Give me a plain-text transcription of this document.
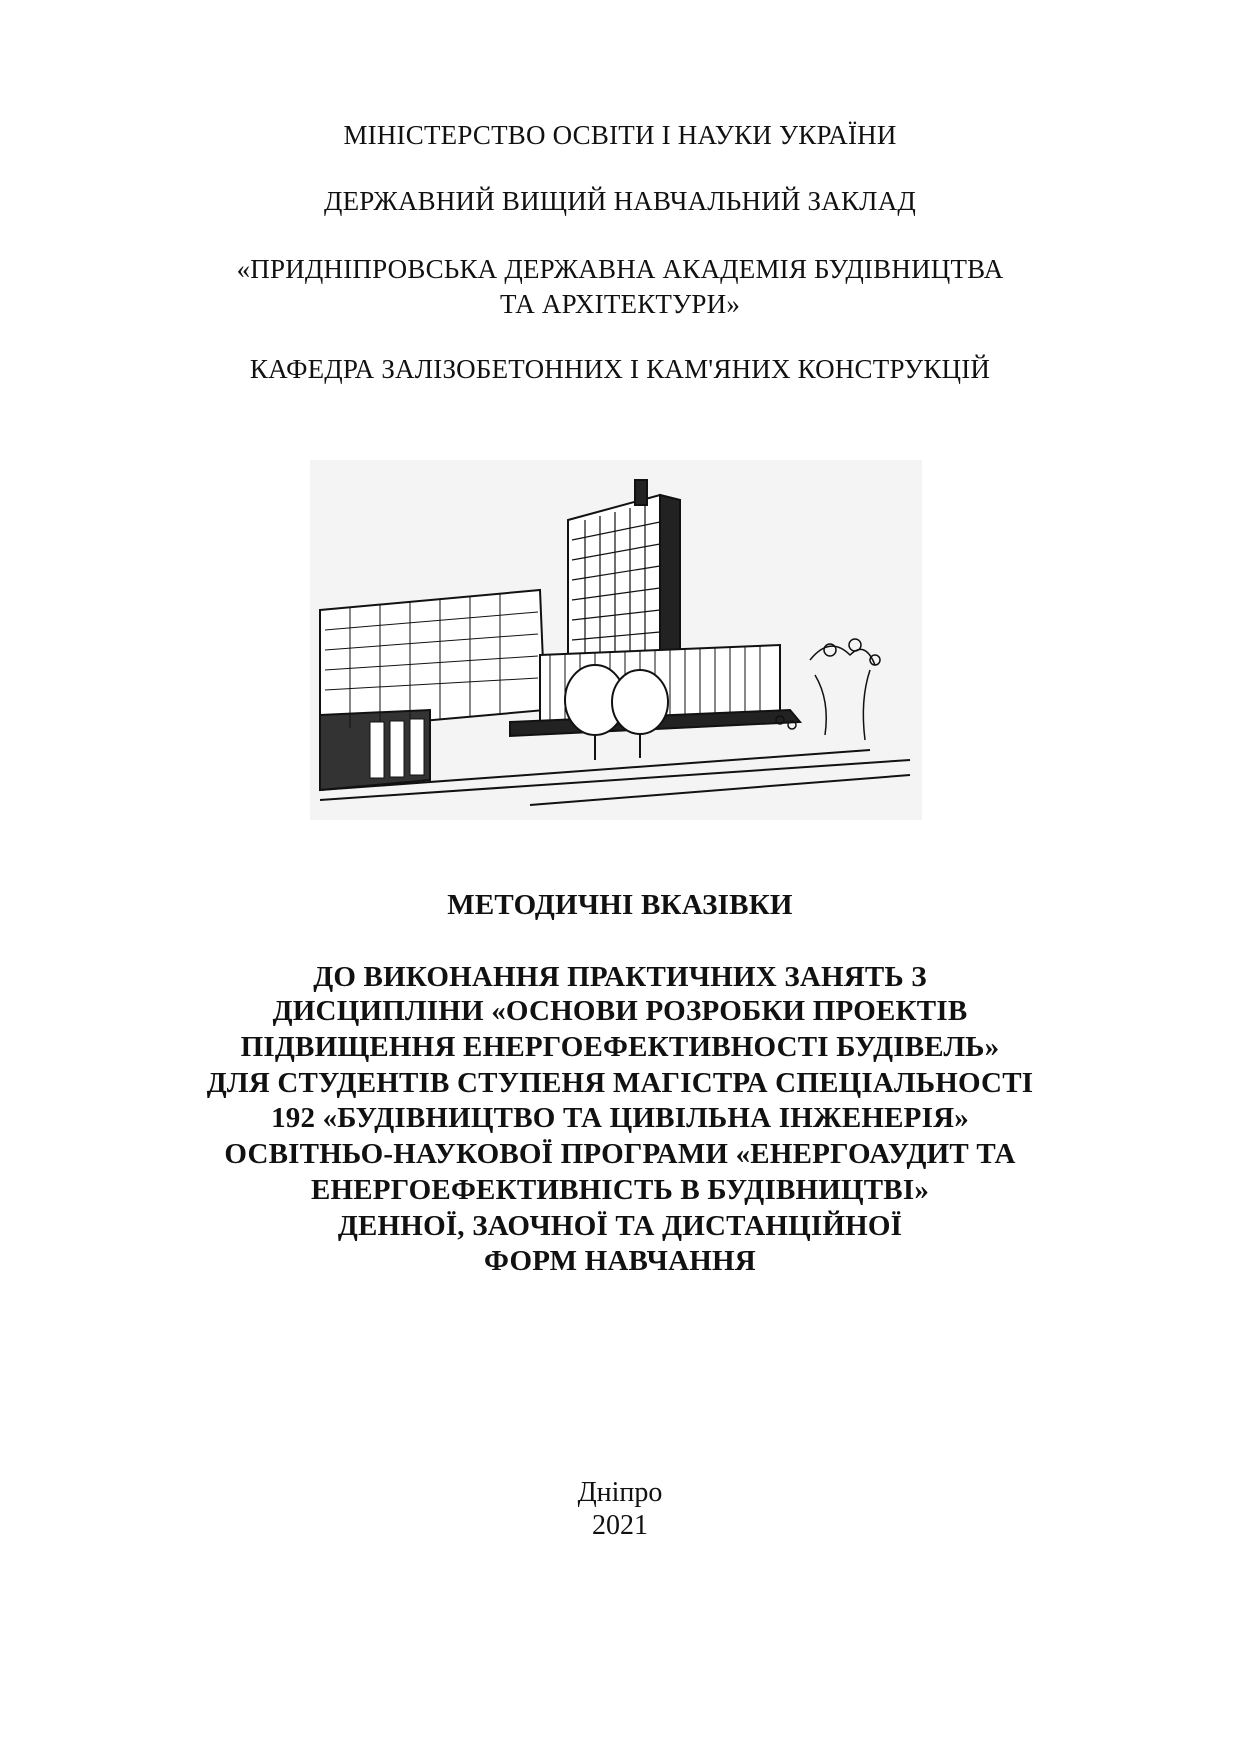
МІНІСТЕРСТВО ОСВІТИ І НАУКИ УКРАЇНИ
ДЕРЖАВНИЙ ВИЩИЙ НАВЧАЛЬНИЙ ЗАКЛАД
«ПРИДНІПРОВСЬКА ДЕРЖАВНА АКАДЕМІЯ БУДІВНИЦТВА
ТА АРХІТЕКТУРИ»
КАФЕДРА ЗАЛІЗОБЕТОННИХ І КАМ'ЯНИХ КОНСТРУКЦІЙ
МЕТОДИЧНІ ВКАЗІВКИ
ДО ВИКОНАННЯ ПРАКТИЧНИХ ЗАНЯТЬ З
ДИСЦИПЛІНИ «ОСНОВИ РОЗРОБКИ ПРОЕКТІВ
ПІДВИЩЕННЯ ЕНЕРГОЕФЕКТИВНОСТІ БУДІВЕЛЬ»
ДЛЯ СТУДЕНТІВ СТУПЕНЯ МАГІСТРА СПЕЦІАЛЬНОСТІ
192 «БУДІВНИЦТВО ТА ЦИВІЛЬНА ІНЖЕНЕРІЯ»
ОСВІТНЬО-НАУКОВОЇ ПРОГРАМИ «ЕНЕРГОАУДИТ ТА
ЕНЕРГОЕФЕКТИВНІСТЬ В БУДІВНИЦТВІ»
ДЕННОЇ, ЗАОЧНОЇ ТА ДИСТАНЦІЙНОЇ
ФОРМ НАВЧАННЯ
Дніпро
2021
